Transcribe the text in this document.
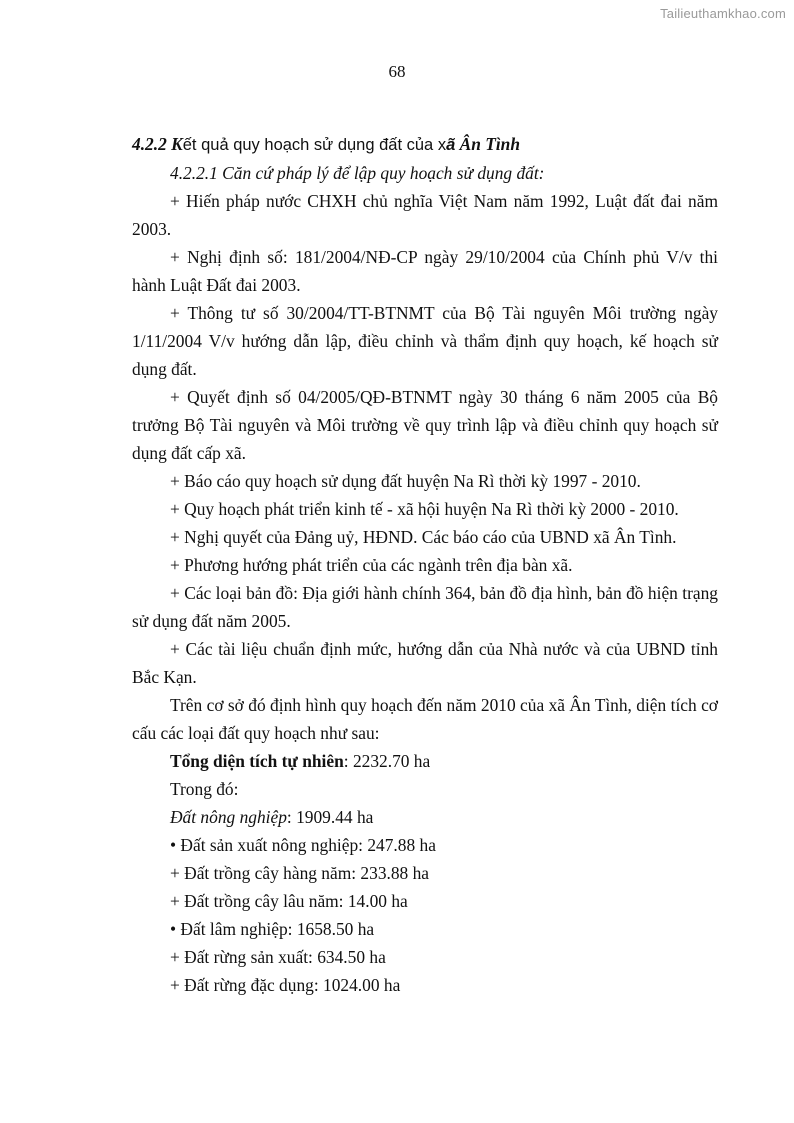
Tailieuthamkhao.com
68
4.2.2 Kết quả quy hoạch sử dụng đất của xã Ân Tình

4.2.2.1 Căn cứ pháp lý để lập quy hoạch sử dụng đất:

+ Hiến pháp nước CHXH chủ nghĩa Việt Nam năm 1992, Luật đất đai năm 2003.

+ Nghị định số: 181/2004/NĐ-CP ngày 29/10/2004 của Chính phủ V/v thi hành Luật Đất đai 2003.

+ Thông tư số 30/2004/TT-BTNMT của Bộ Tài nguyên Môi trường ngày 1/11/2004 V/v hướng dẫn lập, điều chỉnh và thẩm định quy hoạch, kế hoạch sử dụng đất.

+ Quyết định số 04/2005/QĐ-BTNMT ngày 30 tháng 6 năm 2005 của Bộ trưởng Bộ Tài nguyên và Môi trường về quy trình lập và điều chỉnh quy hoạch sử dụng đất cấp xã.

+ Báo cáo quy hoạch sử dụng đất huyện Na Rì thời kỳ 1997 - 2010.

+ Quy hoạch phát triển kinh tế - xã hội huyện Na Rì thời kỳ 2000 - 2010.

+ Nghị quyết của Đảng uỷ, HĐND. Các báo cáo của UBND xã Ân Tình.

+ Phương hướng phát triển của các ngành trên địa bàn xã.

+ Các loại bản đồ: Địa giới hành chính 364, bản đồ địa hình, bản đồ hiện trạng sử dụng đất năm 2005.

+ Các tài liệu chuẩn định mức, hướng dẫn của Nhà nước và của UBND tỉnh Bắc Kạn.

Trên cơ sở đó định hình quy hoạch đến năm 2010 của xã Ân Tình, diện tích cơ cấu các loại đất quy hoạch như sau:

Tổng diện tích tự nhiên: 2232.70 ha

Trong đó:

Đất nông nghiệp: 1909.44 ha

• Đất sản xuất nông nghiệp: 247.88 ha

+ Đất trồng cây hàng năm: 233.88 ha

+ Đất trồng cây lâu năm: 14.00 ha

• Đất lâm nghiệp: 1658.50 ha

+ Đất rừng sản xuất: 634.50 ha

+ Đất rừng đặc dụng: 1024.00 ha
